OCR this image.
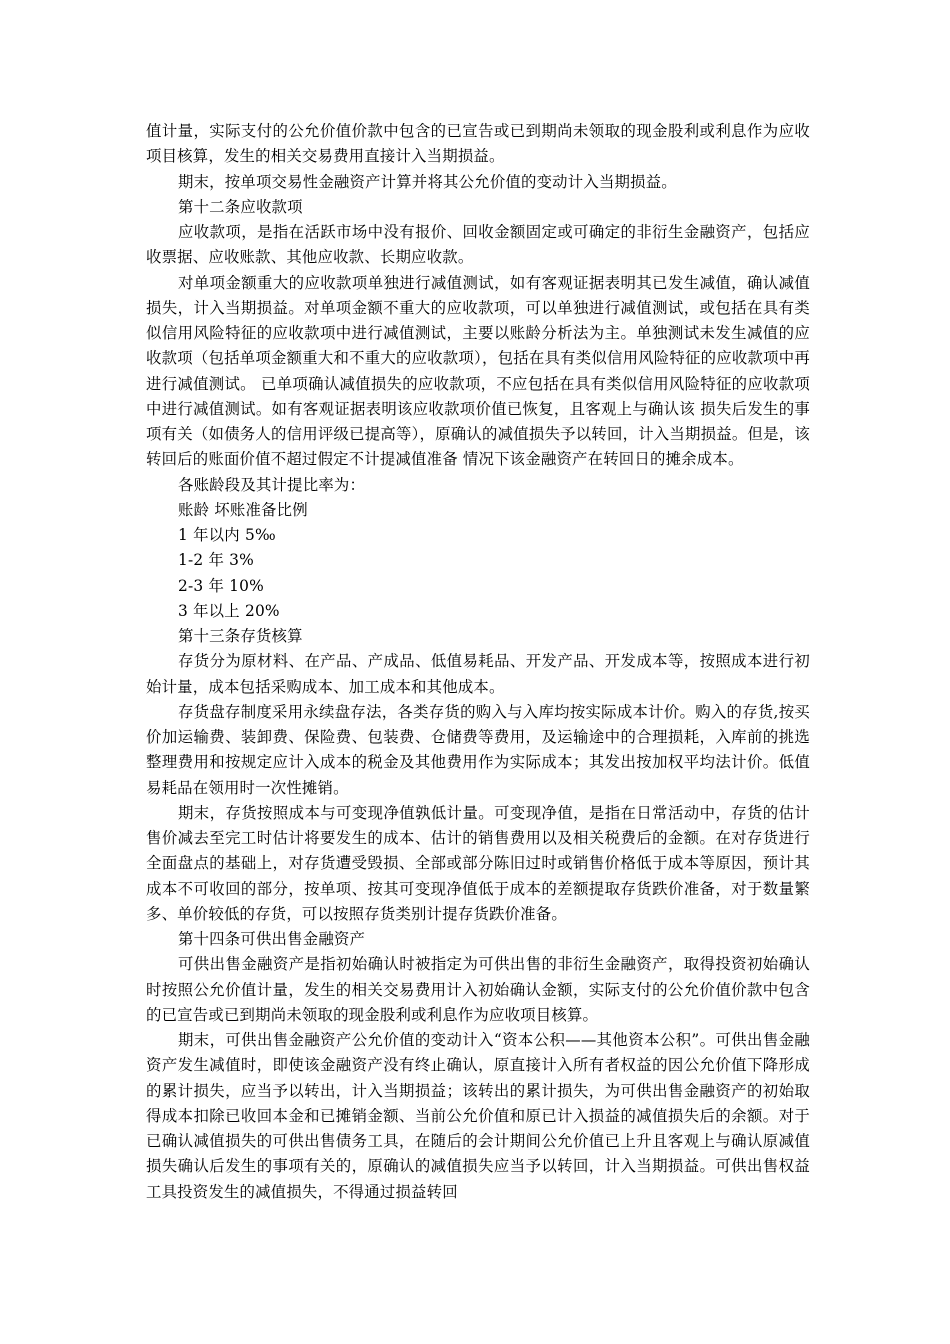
值计量，实际支付的公允价值价款中包含的已宣告或已到期尚未领取的现金股利或利息作为应收项目核算，发生的相关交易费用直接计入当期损益。

期末，按单项交易性金融资产计算并将其公允价值的变动计入当期损益。

第十二条应收款项

应收款项，是指在活跃市场中没有报价、回收金额固定或可确定的非衍生金融资产，包括应收票据、应收账款、其他应收款、长期应收款。

对单项金额重大的应收款项单独进行减值测试，如有客观证据表明其已发生减值，确认减值损失，计入当期损益。对单项金额不重大的应收款项，可以单独进行减值测试，或包括在具有类似信用风险特征的应收款项中进行减值测试，主要以账龄分析法为主。单独测试未发生减值的应收款项（包括单项金额重大和不重大的应收款项），包括在具有类似信用风险特征的应收款项中再进行减值测试。 已单项确认减值损失的应收款项，不应包括在具有类似信用风险特征的应收款项 中进行减值测试。如有客观证据表明该应收款项价值已恢复，且客观上与确认该 损失后发生的事项有关（如债务人的信用评级已提高等），原确认的减值损失予以转回，计入当期损益。但是，该转回后的账面价值不超过假定不计提减值准备 情况下该金融资产在转回日的摊余成本。

各账龄段及其计提比率为：

账龄 坏账准备比例

1 年以内 5‰

1-2 年 3%

2-3 年 10%

3 年以上 20%

第十三条存货核算

存货分为原材料、在产品、产成品、低值易耗品、开发产品、开发成本等，按照成本进行初始计量，成本包括采购成本、加工成本和其他成本。

存货盘存制度采用永续盘存法，各类存货的购入与入库均按实际成本计价。购入的存货,按买价加运输费、装卸费、保险费、包装费、仓储费等费用，及运输途中的合理损耗，入库前的挑选整理费用和按规定应计入成本的税金及其他费用作为实际成本；其发出按加权平均法计价。低值易耗品在领用时一次性摊销。

期末，存货按照成本与可变现净值孰低计量。可变现净值，是指在日常活动中，存货的估计售价减去至完工时估计将要发生的成本、估计的销售费用以及相关税费后的金额。在对存货进行全面盘点的基础上，对存货遭受毁损、全部或部分陈旧过时或销售价格低于成本等原因，预计其成本不可收回的部分，按单项、按其可变现净值低于成本的差额提取存货跌价准备，对于数量繁多、单价较低的存货，可以按照存货类别计提存货跌价准备。

第十四条可供出售金融资产

可供出售金融资产是指初始确认时被指定为可供出售的非衍生金融资产，取得投资初始确认时按照公允价值计量，发生的相关交易费用计入初始确认金额，实际支付的公允价值价款中包含的已宣告或已到期尚未领取的现金股利或利息作为应收项目核算。

期末，可供出售金融资产公允价值的变动计入“资本公积——其他资本公积”。可供出售金融资产发生减值时，即使该金融资产没有终止确认，原直接计入所有者权益的因公允价值下降形成的累计损失，应当予以转出，计入当期损益；该转出的累计损失，为可供出售金融资产的初始取得成本扣除已收回本金和已摊销金额、当前公允价值和原已计入损益的减值损失后的余额。对于已确认减值损失的可供出售债务工具，在随后的会计期间公允价值已上升且客观上与确认原减值损失确认后发生的事项有关的，原确认的减值损失应当予以转回，计入当期损益。可供出售权益工具投资发生的减值损失，不得通过损益转回
